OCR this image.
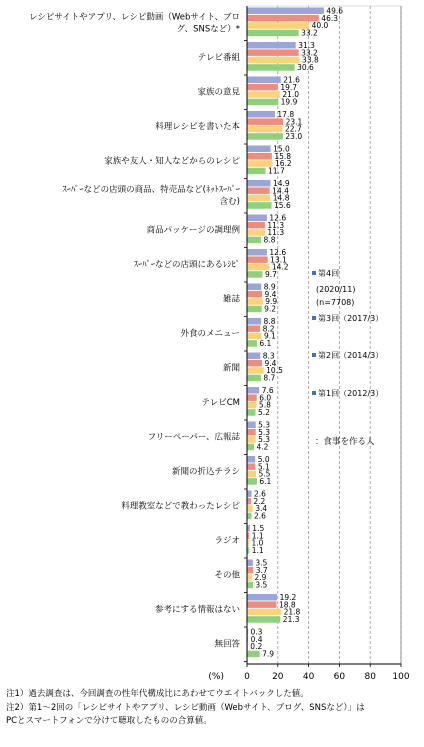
レシピサイトやアプリ、レシピ動画（Webサイト、ブロ
グ、SNSなど）*
49.6
46.3
40.0
33.2
テレビ番組
31.3
33.2
33.8
30.6
家族の意見
21.6
19.7
21.0
19.9
料理レシピを書いた本
17.8
23.1
22.7
23.0
家族や友人・知人などからのレシピ
15.0
15.8
16.2
11.7
ｽｰﾊﾟｰなどの店頭の商品、特売品など(ﾈｯﾄｽｰﾊﾟｰ
含む)
14.9
14.4
14.8
15.6
商品パッケージの調理例
12.6
11.3
11.3
8.8
ｽｰﾊﾟｰなどの店頭にあるﾚｼﾋﾟ
12.6
13.1
14.2
9.7
雑誌
8.9
9.4
9.9
9.2
外食のメニュー
8.8
8.2
9.1
6.1
新聞
8.3
9.4
10.5
8.7
テレビCM
7.6
6.0
5.8
5.2
フリーペーパー、広報誌
5.3
5.3
5.3
4.2
新聞の折込チラシ
5.0
5.1
5.5
6.1
料理教室などで教わったレシピ
2.6
2.2
3.4
2.6
ラジオ
1.5
1.1
1.0
1.1
その他
3.5
3.7
2.9
3.5
参考にする情報はない
19.2
18.8
21.8
21.3
無回答
0.3
0.4
0.2
7.9
0 20 40 60 80 100
(%)
第4回
(2020/11)
(n=7708)
第3回（2017/3）
第2回（2014/3）
第1回（2012/3）
：食事を作る人
注1）過去調査は、今回調査の性年代構成比にあわせてウエイトバックした値。
注2）第1～2回の「レシピサイトやアプリ、レシピ動画（Webサイト、ブログ、SNSなど）」は
PCとスマートフォンで分けて聴取したものの合算値。
